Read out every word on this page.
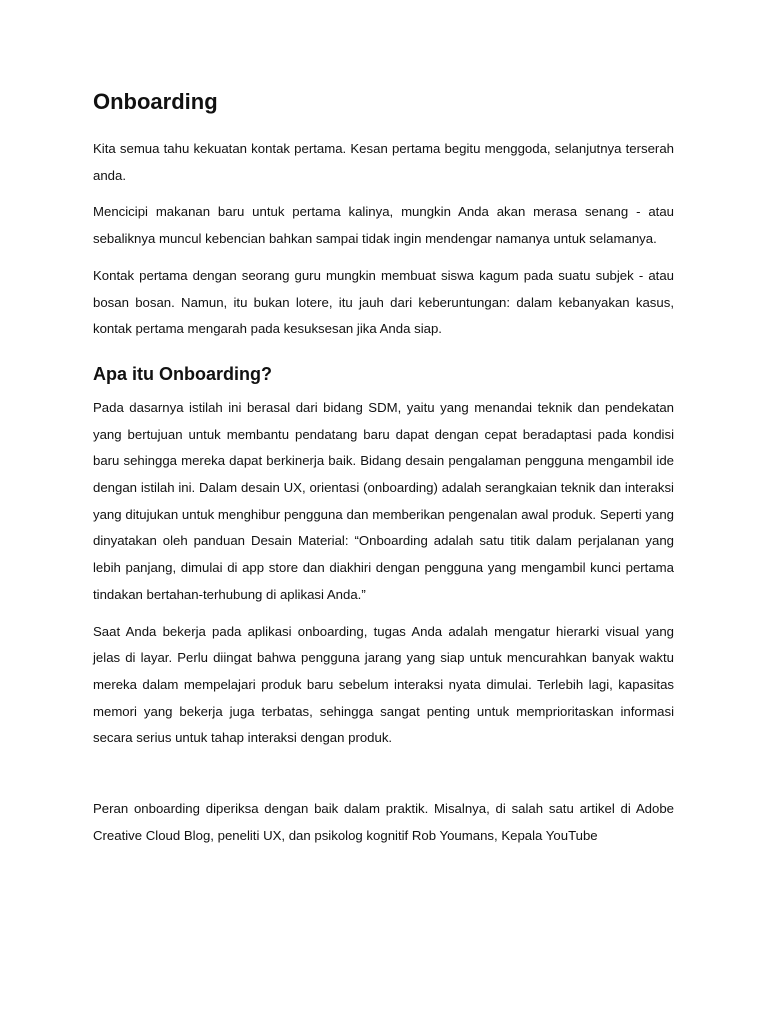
Onboarding
Kita semua tahu kekuatan kontak pertama. Kesan pertama begitu menggoda, selanjutnya terserah anda.
Mencicipi makanan baru untuk pertama kalinya, mungkin Anda akan merasa senang - atau sebaliknya muncul kebencian bahkan sampai tidak ingin mendengar namanya untuk selamanya.
Kontak pertama dengan seorang guru mungkin membuat siswa kagum pada suatu subjek - atau bosan bosan. Namun, itu bukan lotere, itu jauh dari keberuntungan: dalam kebanyakan kasus, kontak pertama mengarah pada kesuksesan jika Anda siap.
Apa itu Onboarding?
Pada dasarnya istilah ini berasal dari bidang SDM, yaitu yang menandai teknik dan pendekatan yang bertujuan untuk membantu pendatang baru dapat dengan cepat beradaptasi pada kondisi baru sehingga mereka dapat berkinerja baik. Bidang desain pengalaman pengguna mengambil ide dengan istilah ini. Dalam desain UX, orientasi (onboarding) adalah serangkaian teknik dan interaksi yang ditujukan untuk menghibur pengguna dan memberikan pengenalan awal produk. Seperti yang dinyatakan oleh panduan Desain Material: “Onboarding adalah satu titik dalam perjalanan yang lebih panjang, dimulai di app store dan diakhiri dengan pengguna yang mengambil kunci pertama tindakan bertahan-terhubung di aplikasi Anda.”
Saat Anda bekerja pada aplikasi onboarding, tugas Anda adalah mengatur hierarki visual yang jelas di layar. Perlu diingat bahwa pengguna jarang yang siap untuk mencurahkan banyak waktu mereka dalam mempelajari produk baru sebelum interaksi nyata dimulai. Terlebih lagi, kapasitas memori yang bekerja juga terbatas, sehingga sangat penting untuk memprioritaskan informasi secara serius untuk tahap interaksi dengan produk.
Peran onboarding diperiksa dengan baik dalam praktik. Misalnya, di salah satu artikel di Adobe Creative Cloud Blog, peneliti UX, dan psikolog kognitif Rob Youmans, Kepala YouTube
